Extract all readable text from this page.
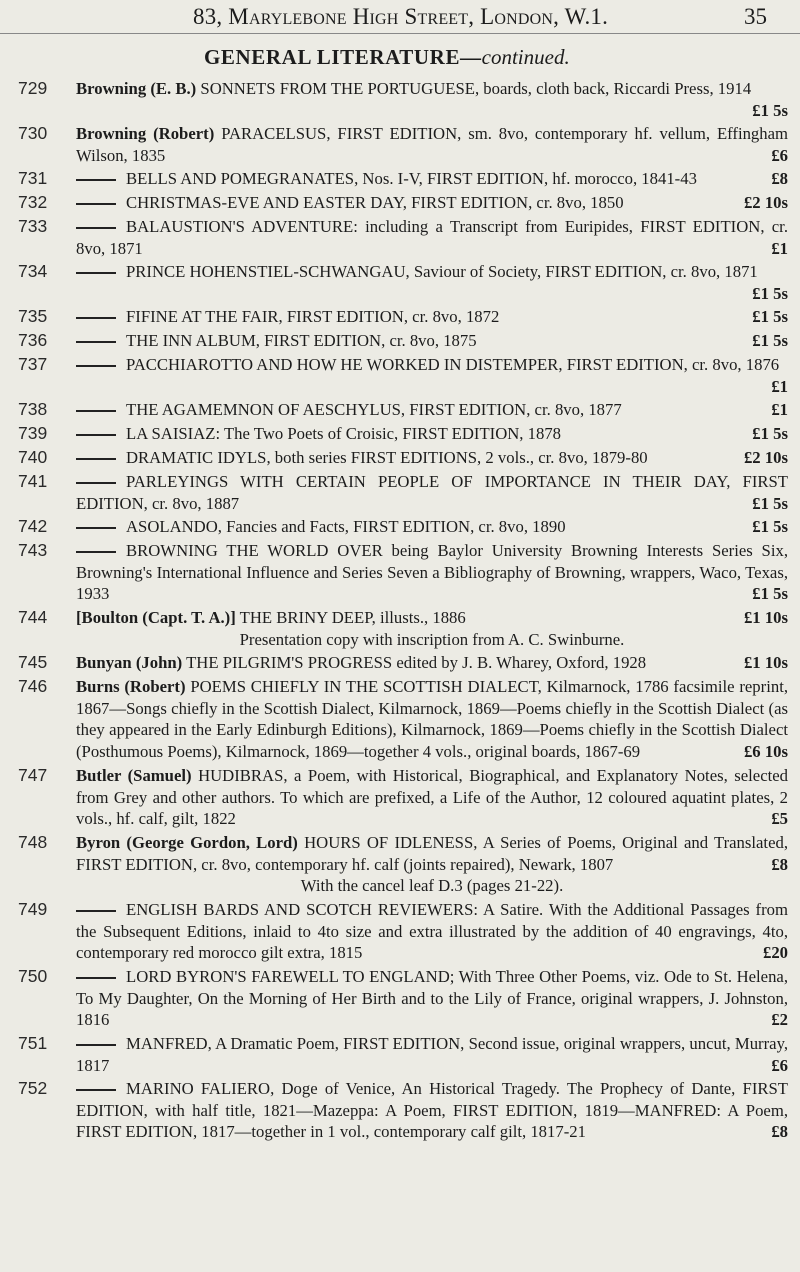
83, Marylebone High Street, London, W.1.	35
GENERAL LITERATURE—continued.
729	Browning (E. B.) SONNETS FROM THE PORTUGUESE, boards, cloth back, Riccardi Press, 1914
£1 5s
730	Browning (Robert) PARACELSUS, FIRST EDITION, sm. 8vo, contemporary hf. vellum, Effingham Wilson, 1835	£6
731	BELLS AND POMEGRANATES, Nos. I-V, FIRST EDITION, hf. morocco, 1841-43	£8
732	CHRISTMAS-EVE AND EASTER DAY, FIRST EDITION, cr. 8vo, 1850	£2 10s
733	BALAUSTION'S ADVENTURE: including a Transcript from Euripides, FIRST EDITION, cr. 8vo, 1871	£1
734	PRINCE HOHENSTIEL-SCHWANGAU, Saviour of Society, FIRST EDITION, cr. 8vo, 1871
£1 5s
735	FIFINE AT THE FAIR, FIRST EDITION, cr. 8vo, 1872	£1 5s
736	THE INN ALBUM, FIRST EDITION, cr. 8vo, 1875	£1 5s
737	PACCHIAROTTO AND HOW HE WORKED IN DISTEMPER, FIRST EDITION, cr. 8vo, 1876
£1
738	THE AGAMEMNON OF AESCHYLUS, FIRST EDITION, cr. 8vo, 1877	£1
739	LA SAISIAZ: The Two Poets of Croisic, FIRST EDITION, 1878	£1 5s
740	DRAMATIC IDYLS, both series FIRST EDITIONS, 2 vols., cr. 8vo, 1879-80	£2 10s
741	PARLEYINGS WITH CERTAIN PEOPLE OF IMPORTANCE IN THEIR DAY, FIRST EDITION, cr. 8vo, 1887	£1 5s
742	ASOLANDO, Fancies and Facts, FIRST EDITION, cr. 8vo, 1890	£1 5s
743	BROWNING THE WORLD OVER being Baylor University Browning Interests Series Six, Browning's International Influence and Series Seven a Bibliography of Browning, wrappers, Waco, Texas, 1933	£1 5s
744	[Boulton (Capt. T. A.)] THE BRINY DEEP, illusts., 1886	£1 10s
Presentation copy with inscription from A. C. Swinburne.
745	Bunyan (John) THE PILGRIM'S PROGRESS edited by J. B. Wharey, Oxford, 1928	£1 10s
746	Burns (Robert) POEMS CHIEFLY IN THE SCOTTISH DIALECT, Kilmarnock, 1786 facsimile reprint, 1867—Songs chiefly in the Scottish Dialect, Kilmarnock, 1869—Poems chiefly in the Scottish Dialect (as they appeared in the Early Edinburgh Editions), Kilmarnock, 1869—Poems chiefly in the Scottish Dialect (Posthumous Poems), Kilmarnock, 1869—together 4 vols., original boards, 1867-69	£6 10s
747	Butler (Samuel) HUDIBRAS, a Poem, with Historical, Biographical, and Explanatory Notes, selected from Grey and other authors. To which are prefixed, a Life of the Author, 12 coloured aquatint plates, 2 vols., hf. calf, gilt, 1822	£5
748	Byron (George Gordon, Lord) HOURS OF IDLENESS, A Series of Poems, Original and Translated, FIRST EDITION, cr. 8vo, contemporary hf. calf (joints repaired), Newark, 1807	£8
With the cancel leaf D.3 (pages 21-22).
749	ENGLISH BARDS AND SCOTCH REVIEWERS: A Satire. With the Additional Passages from the Subsequent Editions, inlaid to 4to size and extra illustrated by the addition of 40 engravings, 4to, contemporary red morocco gilt extra, 1815	£20
750	LORD BYRON'S FAREWELL TO ENGLAND; With Three Other Poems, viz. Ode to St. Helena, To My Daughter, On the Morning of Her Birth and to the Lily of France, original wrappers, J. Johnston, 1816	£2
751	MANFRED, A Dramatic Poem, FIRST EDITION, Second issue, original wrappers, uncut, Murray, 1817	£6
752	MARINO FALIERO, Doge of Venice, An Historical Tragedy. The Prophecy of Dante, FIRST EDITION, with half title, 1821—Mazeppa: A Poem, FIRST EDITION, 1819—MANFRED: A Poem, FIRST EDITION, 1817—together in 1 vol., contemporary calf gilt, 1817-21	£8
